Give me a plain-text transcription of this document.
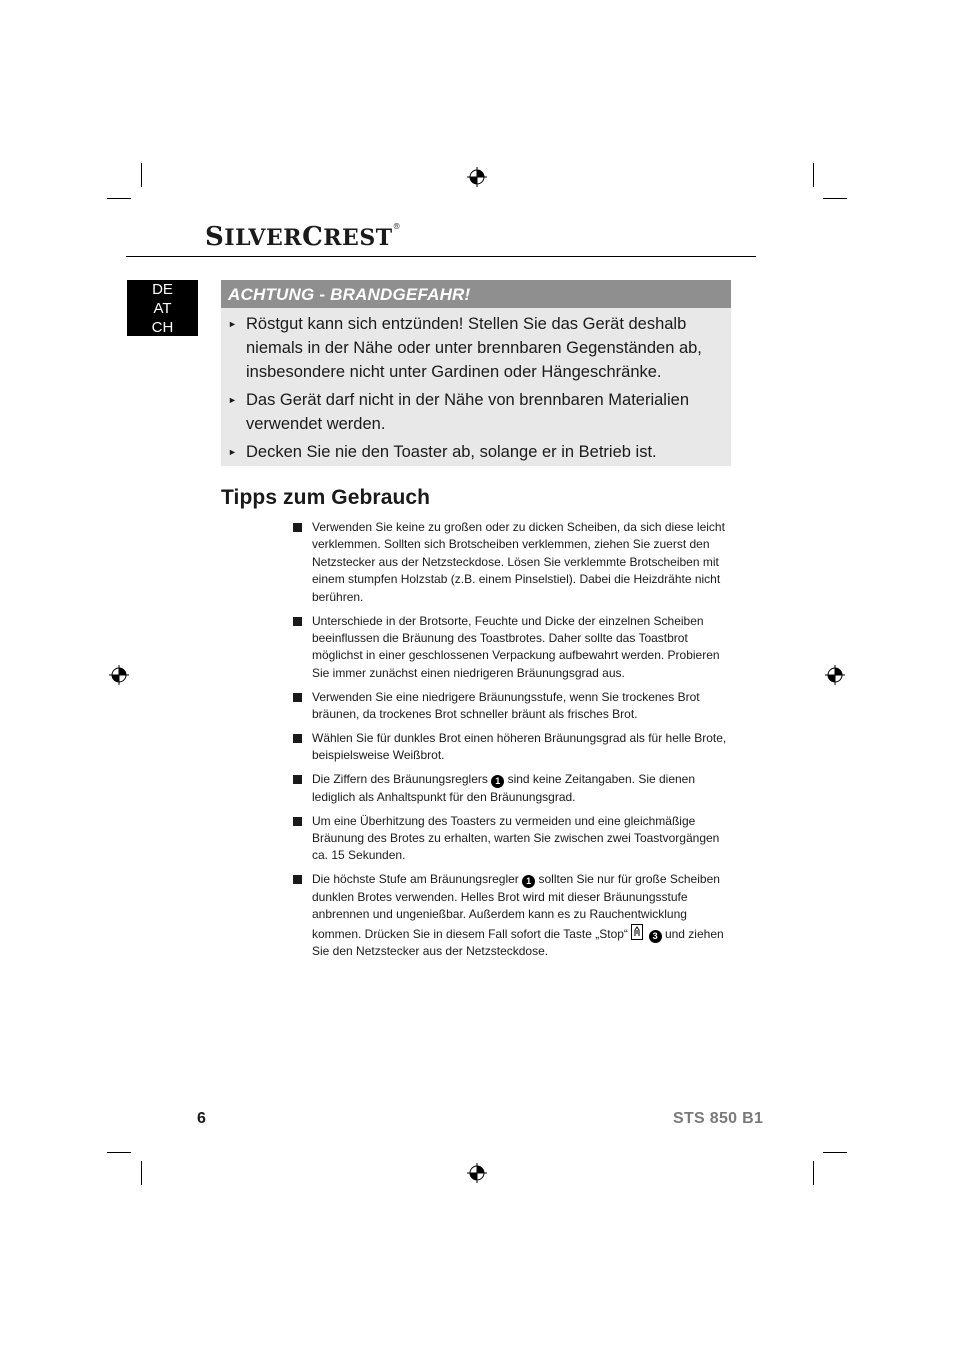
SILVERCREST®
DE
AT
CH
ACHTUNG - BRANDGEFAHR!
► Röstgut kann sich entzünden! Stellen Sie das Gerät deshalb niemals in der Nähe oder unter brennbaren Gegenständen ab, insbesondere nicht unter Gardinen oder Hängeschränke.
► Das Gerät darf nicht in der Nähe von brennbaren Materialien verwendet werden.
► Decken Sie nie den Toaster ab, solange er in Betrieb ist.
Tipps zum Gebrauch
Verwenden Sie keine zu großen oder zu dicken Scheiben, da sich diese leicht verklemmen. Sollten sich Brotscheiben verklemmen, ziehen Sie zuerst den Netzstecker aus der Netzsteckdose. Lösen Sie verklemmte Brotscheiben mit einem stumpfen Holzstab (z.B. einem Pinselstiel). Dabei die Heizdrähte nicht berühren.
Unterschiede in der Brotsorte, Feuchte und Dicke der einzelnen Scheiben beeinflussen die Bräunung des Toastbrotes. Daher sollte das Toastbrot möglichst in einer geschlossenen Verpackung aufbewahrt werden. Probieren Sie immer zunächst einen niedrigeren Bräunungsgrad aus.
Verwenden Sie eine niedrigere Bräunungsstufe, wenn Sie trockenes Brot bräunen, da trockenes Brot schneller bräunt als frisches Brot.
Wählen Sie für dunkles Brot einen höheren Bräunungsgrad als für helle Brote, beispielsweise Weißbrot.
Die Ziffern des Bräunungsreglers 1 sind keine Zeitangaben. Sie dienen lediglich als Anhaltspunkt für den Bräunungsgrad.
Um eine Überhitzung des Toasters zu vermeiden und eine gleichmäßige Bräunung des Brotes zu erhalten, warten Sie zwischen zwei Toastvorgängen ca. 15 Sekunden.
Die höchste Stufe am Bräunungsregler 1 sollten Sie nur für große Scheiben dunklen Brotes verwenden. Helles Brot wird mit dieser Bräunungsstufe anbrennen und ungenießbar. Außerdem kann es zu Rauchentwicklung kommen. Drücken Sie in diesem Fall sofort die Taste „Stop“	3 und ziehen Sie den Netzstecker aus der Netzsteckdose.
6	STS 850 B1
